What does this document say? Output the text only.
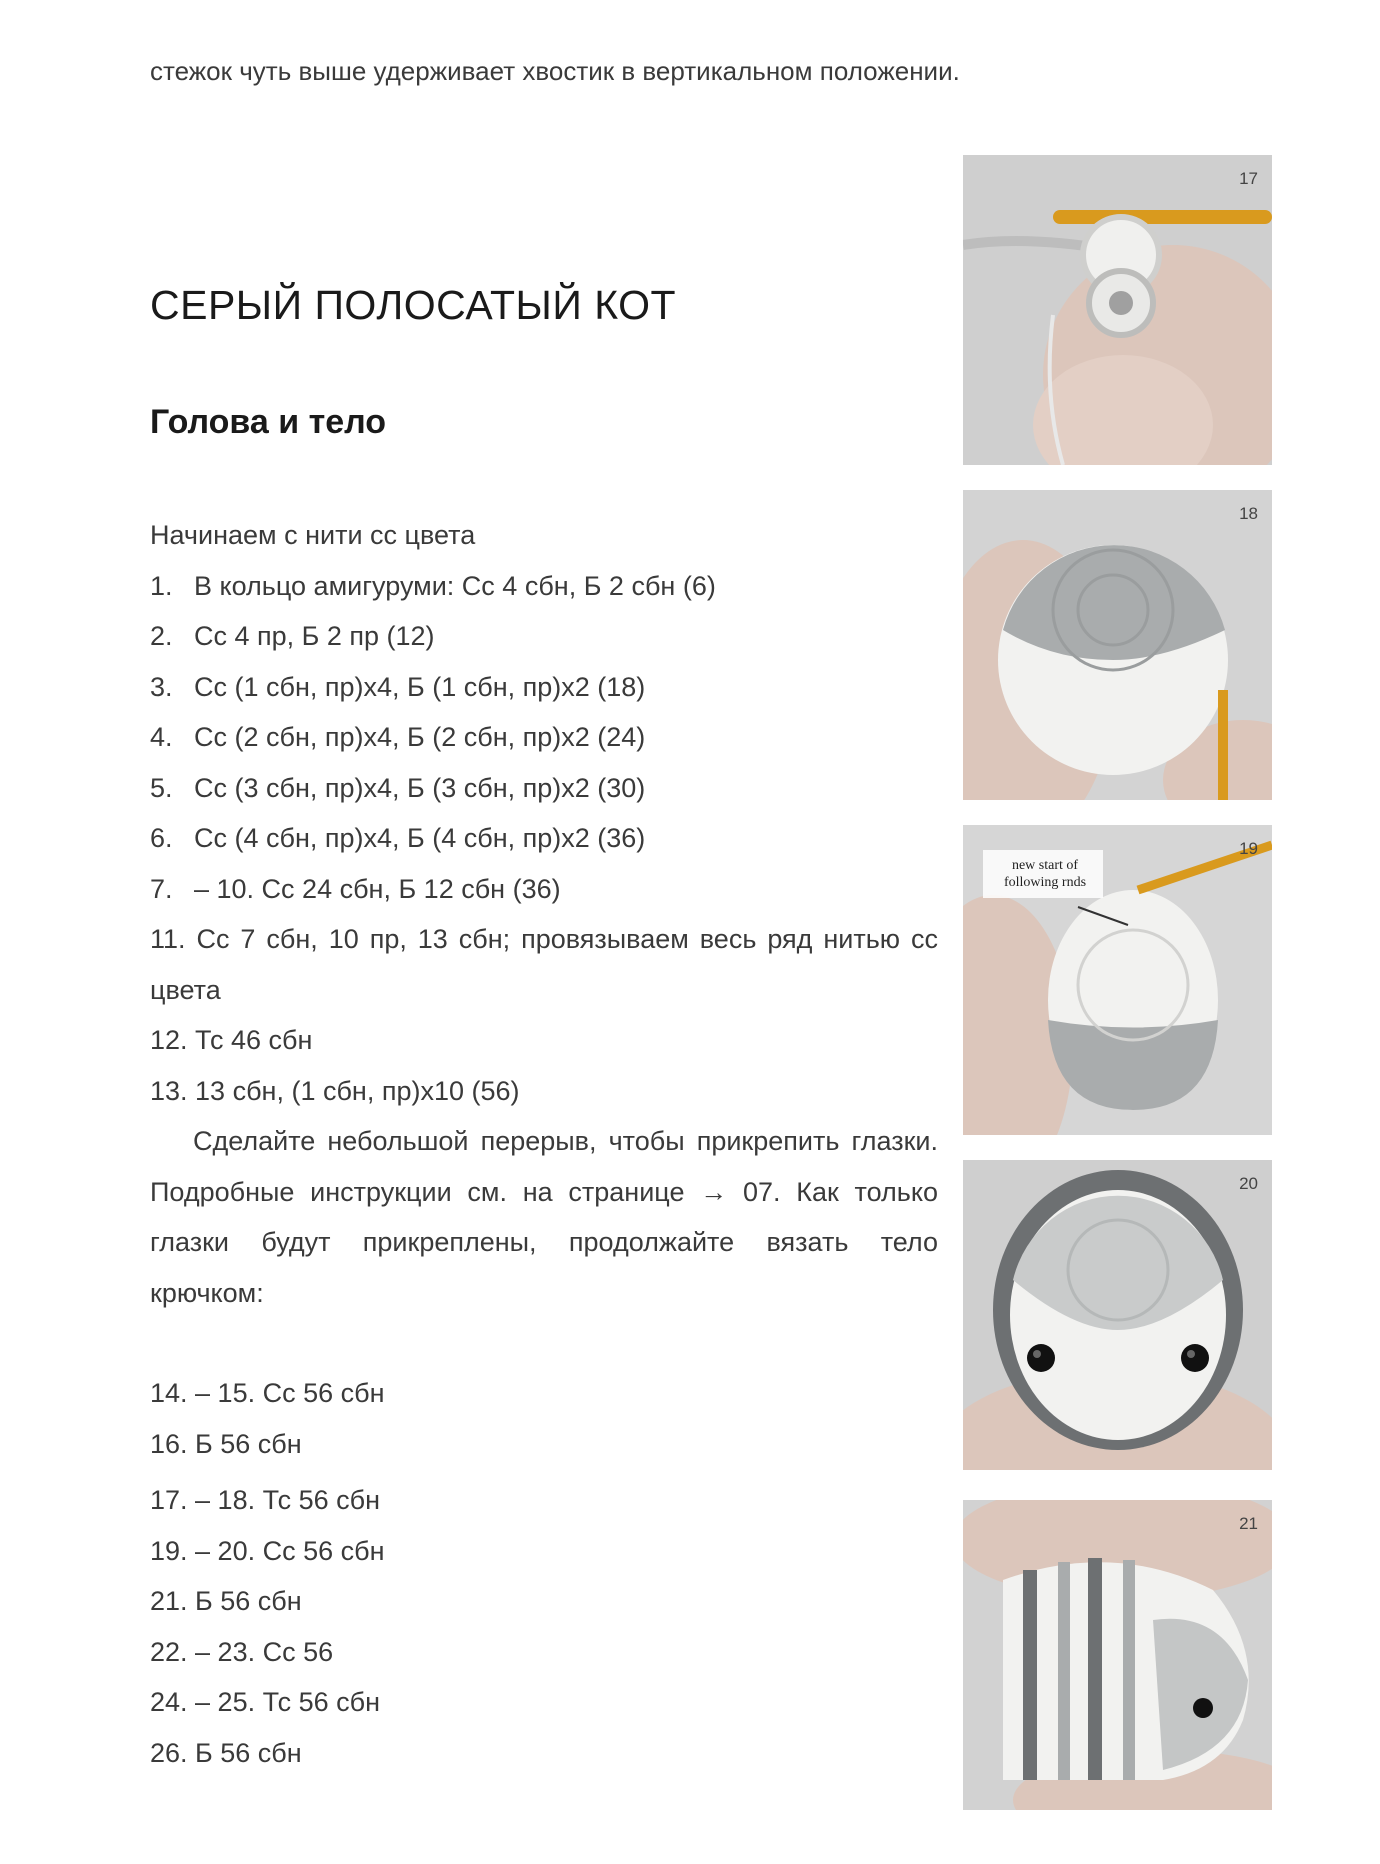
стежок чуть выше удерживает хвостик в вертикальном положении.
СЕРЫЙ ПОЛОСАТЫЙ КОТ
Голова и тело
Начинаем с нити сс цвета
1. В кольцо амигуруми: Сс 4 сбн, Б 2 сбн (6)
2. Сс 4 пр, Б 2 пр (12)
3. Сс (1 сбн, пр)х4, Б (1 сбн, пр)х2 (18)
4. Сс (2 сбн, пр)х4, Б (2 сбн, пр)х2 (24)
5. Сс (3 сбн, пр)х4, Б (3 сбн, пр)х2 (30)
6. Сс (4 сбн, пр)х4, Б (4 сбн, пр)х2 (36)
7. – 10. Сс 24 сбн, Б 12 сбн (36)
11. Сс 7 сбн, 10 пр, 13 сбн; провязываем весь ряд нитью сс
цвета
12. Тс 46 сбн
13. 13 сбн, (1 сбн, пр)х10 (56)
Сделайте небольшой перерыв, чтобы прикрепить глазки.
Подробные инструкции см. на странице → 07. Как только
глазки будут прикреплены, продолжайте вязать тело
крючком:
14. – 15. Сс 56 сбн
16. Б 56 сбн
17. – 18. Тс 56 сбн
19. – 20. Сс 56 сбн
21. Б 56 сбн
22. – 23. Сс 56
24. – 25. Тс 56 сбн
26. Б 56 сбн
17
18
new start of
following rnds
19
20
21
